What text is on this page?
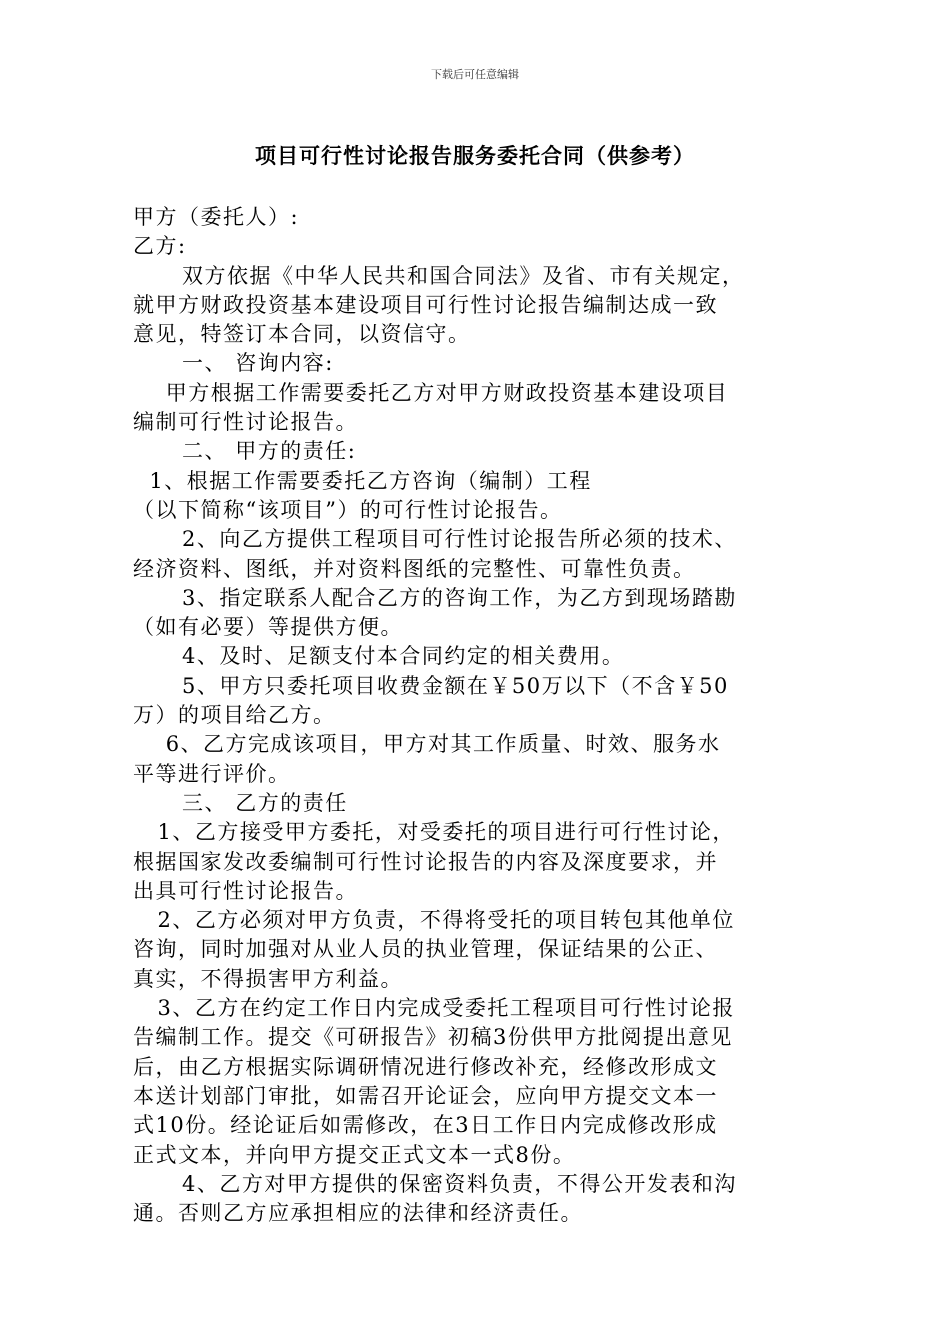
下载后可任意编辑
项目可行性讨论报告服务委托合同（供参考）
甲方（委托人）:
乙方:
双方依据《中华人民共和国合同法》及省、市有关规定，
就甲方财政投资基本建设项目可行性讨论报告编制达成一致
意见，特签订本合同，以资信守。
一、 咨询内容:
甲方根据工作需要委托乙方对甲方财政投资基本建设项目
编制可行性讨论报告。
二、 甲方的责任:
1、根据工作需要委托乙方咨询（编制）工程
（以下简称“该项目”）的可行性讨论报告。
2、向乙方提供工程项目可行性讨论报告所必须的技术、
经济资料、图纸，并对资料图纸的完整性、可靠性负责。
3、指定联系人配合乙方的咨询工作，为乙方到现场踏勘
（如有必要）等提供方便。
4、及时、足额支付本合同约定的相关费用。
5、甲方只委托项目收费金额在￥50万以下（不含￥50
万）的项目给乙方。
6、乙方完成该项目，甲方对其工作质量、时效、服务水
平等进行评价。
三、 乙方的责任
1、乙方接受甲方委托，对受委托的项目进行可行性讨论，
根据国家发改委编制可行性讨论报告的内容及深度要求，并
出具可行性讨论报告。
2、乙方必须对甲方负责，不得将受托的项目转包其他单位
咨询，同时加强对从业人员的执业管理，保证结果的公正、
真实，不得损害甲方利益。
3、乙方在约定工作日内完成受委托工程项目可行性讨论报
告编制工作。提交《可研报告》初稿3份供甲方批阅提出意见
后，由乙方根据实际调研情况进行修改补充，经修改形成文
本送计划部门审批，如需召开论证会，应向甲方提交文本一
式10份。经论证后如需修改，在3日工作日内完成修改形成
正式文本，并向甲方提交正式文本一式8份。
4、乙方对甲方提供的保密资料负责，不得公开发表和沟
通。否则乙方应承担相应的法律和经济责任。
